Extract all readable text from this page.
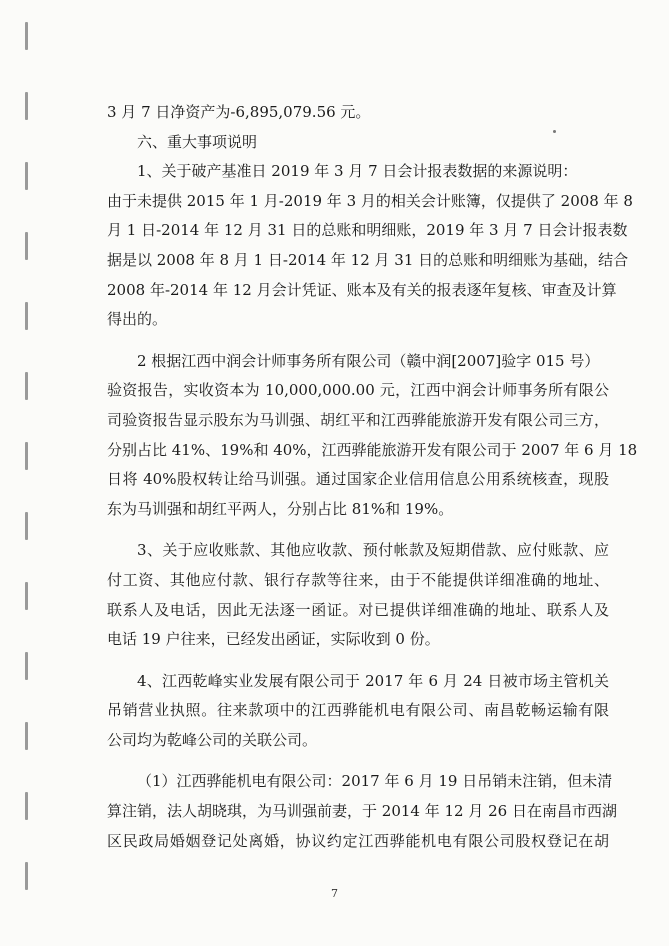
3 月 7 日净资产为-6,895,079.56 元。
六、重大事项说明
1、关于破产基准日 2019 年 3 月 7 日会计报表数据的来源说明：
由于未提供 2015 年 1 月-2019 年 3 月的相关会计账簿，仅提供了 2008 年 8
月 1 日-2014 年 12 月 31 日的总账和明细账，2019 年 3 月 7 日会计报表数
据是以 2008 年 8 月 1 日-2014 年 12 月 31 日的总账和明细账为基础，结合
2008 年-2014 年 12 月会计凭证、账本及有关的报表逐年复核、审查及计算
得出的。
2 根据江西中润会计师事务所有限公司（赣中润[2007]验字 015 号）
验资报告，实收资本为 10,000,000.00 元，江西中润会计师事务所有限公
司验资报告显示股东为马训强、胡红平和江西骅能旅游开发有限公司三方，
分别占比 41%、19%和 40%，江西骅能旅游开发有限公司于 2007 年 6 月 18
日将 40%股权转让给马训强。通过国家企业信用信息公用系统核查，现股
东为马训强和胡红平两人，分别占比 81%和 19%。
3、关于应收账款、其他应收款、预付帐款及短期借款、应付账款、应
付工资、其他应付款、银行存款等往来，由于不能提供详细准确的地址、
联系人及电话，因此无法逐一函证。对已提供详细准确的地址、联系人及
电话 19 户往来，已经发出函证，实际收到 0 份。
4、江西乾峰实业发展有限公司于 2017 年 6 月 24 日被市场主管机关
吊销营业执照。往来款项中的江西骅能机电有限公司、南昌乾畅运输有限
公司均为乾峰公司的关联公司。
（1）江西骅能机电有限公司：2017 年 6 月 19 日吊销未注销，但未清
算注销，法人胡晓琪，为马训强前妻，于 2014 年 12 月 26 日在南昌市西湖
区民政局婚姻登记处离婚，协议约定江西骅能机电有限公司股权登记在胡
7
